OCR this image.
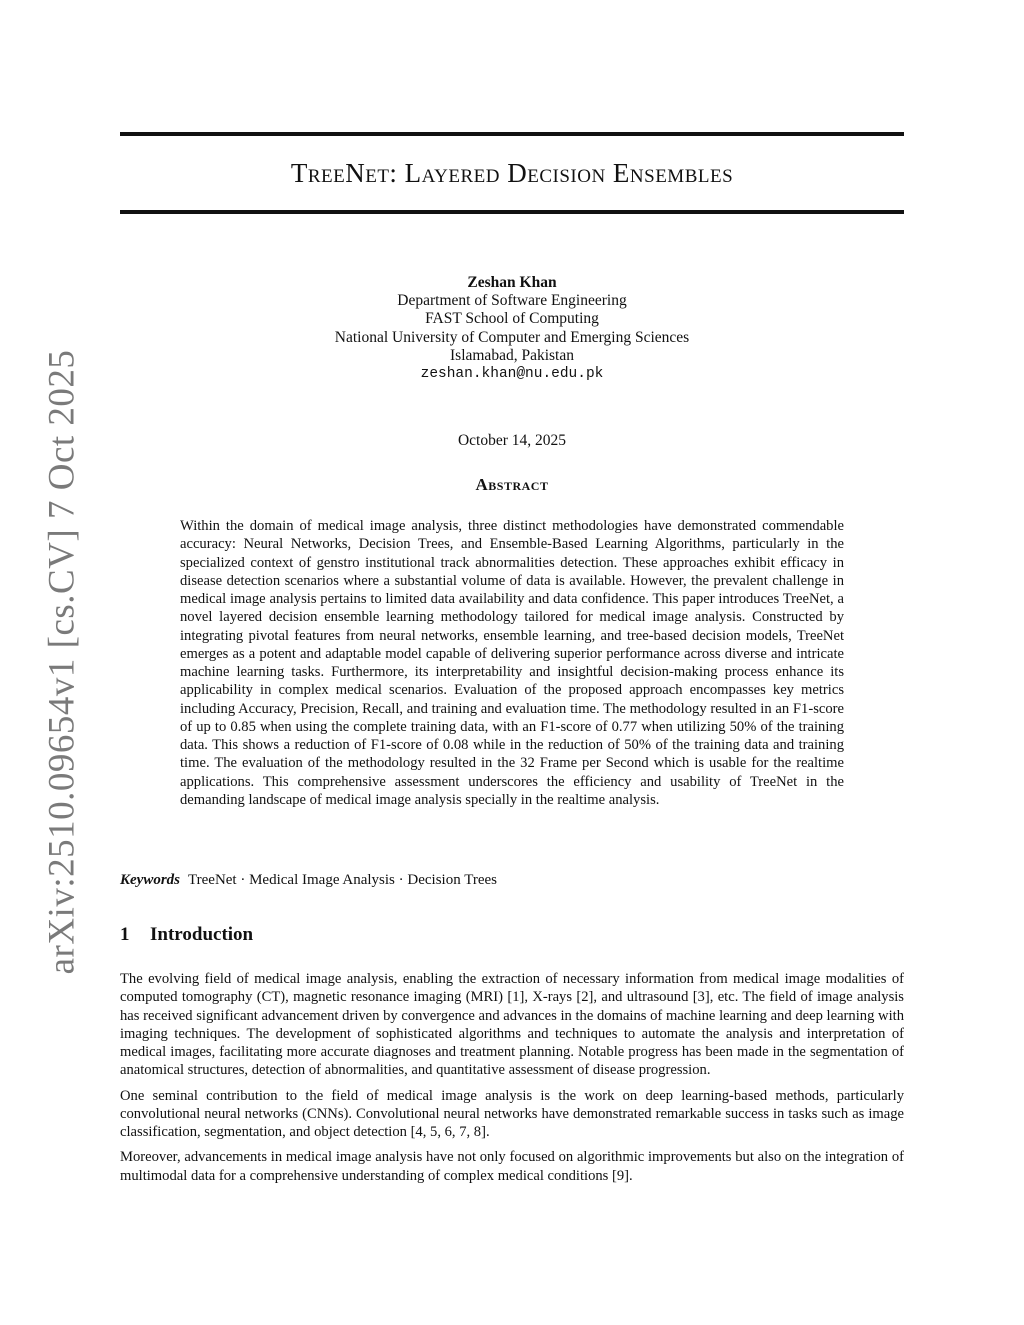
arXiv:2510.09654v1 [cs.CV] 7 Oct 2025
TreeNet: Layered Decision Ensembles
Zeshan Khan
Department of Software Engineering
FAST School of Computing
National University of Computer and Emerging Sciences
Islamabad, Pakistan
zeshan.khan@nu.edu.pk
October 14, 2025
Abstract

Within the domain of medical image analysis, three distinct methodologies have demonstrated commendable accuracy: Neural Networks, Decision Trees, and Ensemble-Based Learning Algorithms, particularly in the specialized context of genstro institutional track abnormalities detection. These approaches exhibit efficacy in disease detection scenarios where a substantial volume of data is available. However, the prevalent challenge in medical image analysis pertains to limited data availability and data confidence. This paper introduces TreeNet, a novel layered decision ensemble learning methodology tailored for medical image analysis. Constructed by integrating pivotal features from neural networks, ensemble learning, and tree-based decision models, TreeNet emerges as a potent and adaptable model capable of delivering superior performance across diverse and intricate machine learning tasks. Furthermore, its interpretability and insightful decision-making process enhance its applicability in complex medical scenarios. Evaluation of the proposed approach encompasses key metrics including Accuracy, Precision, Recall, and training and evaluation time. The methodology resulted in an F1-score of up to 0.85 when using the complete training data, with an F1-score of 0.77 when utilizing 50% of the training data. This shows a reduction of F1-score of 0.08 while in the reduction of 50% of the training data and training time. The evaluation of the methodology resulted in the 32 Frame per Second which is usable for the realtime applications. This comprehensive assessment underscores the efficiency and usability of TreeNet in the demanding landscape of medical image analysis specially in the realtime analysis.

Keywords TreeNet · Medical Image Analysis · Decision Trees
1 Introduction

The evolving field of medical image analysis, enabling the extraction of necessary information from medical image modalities of computed tomography (CT), magnetic resonance imaging (MRI) [1], X-rays [2], and ultrasound [3], etc. The field of image analysis has received significant advancement driven by convergence and advances in the domains of machine learning and deep learning with imaging techniques. The development of sophisticated algorithms and techniques to automate the analysis and interpretation of medical images, facilitating more accurate diagnoses and treatment planning. Notable progress has been made in the segmentation of anatomical structures, detection of abnormalities, and quantitative assessment of disease progression.

One seminal contribution to the field of medical image analysis is the work on deep learning-based methods, particularly convolutional neural networks (CNNs). Convolutional neural networks have demonstrated remarkable success in tasks such as image classification, segmentation, and object detection [4, 5, 6, 7, 8].

Moreover, advancements in medical image analysis have not only focused on algorithmic improvements but also on the integration of multimodal data for a comprehensive understanding of complex medical conditions [9].
